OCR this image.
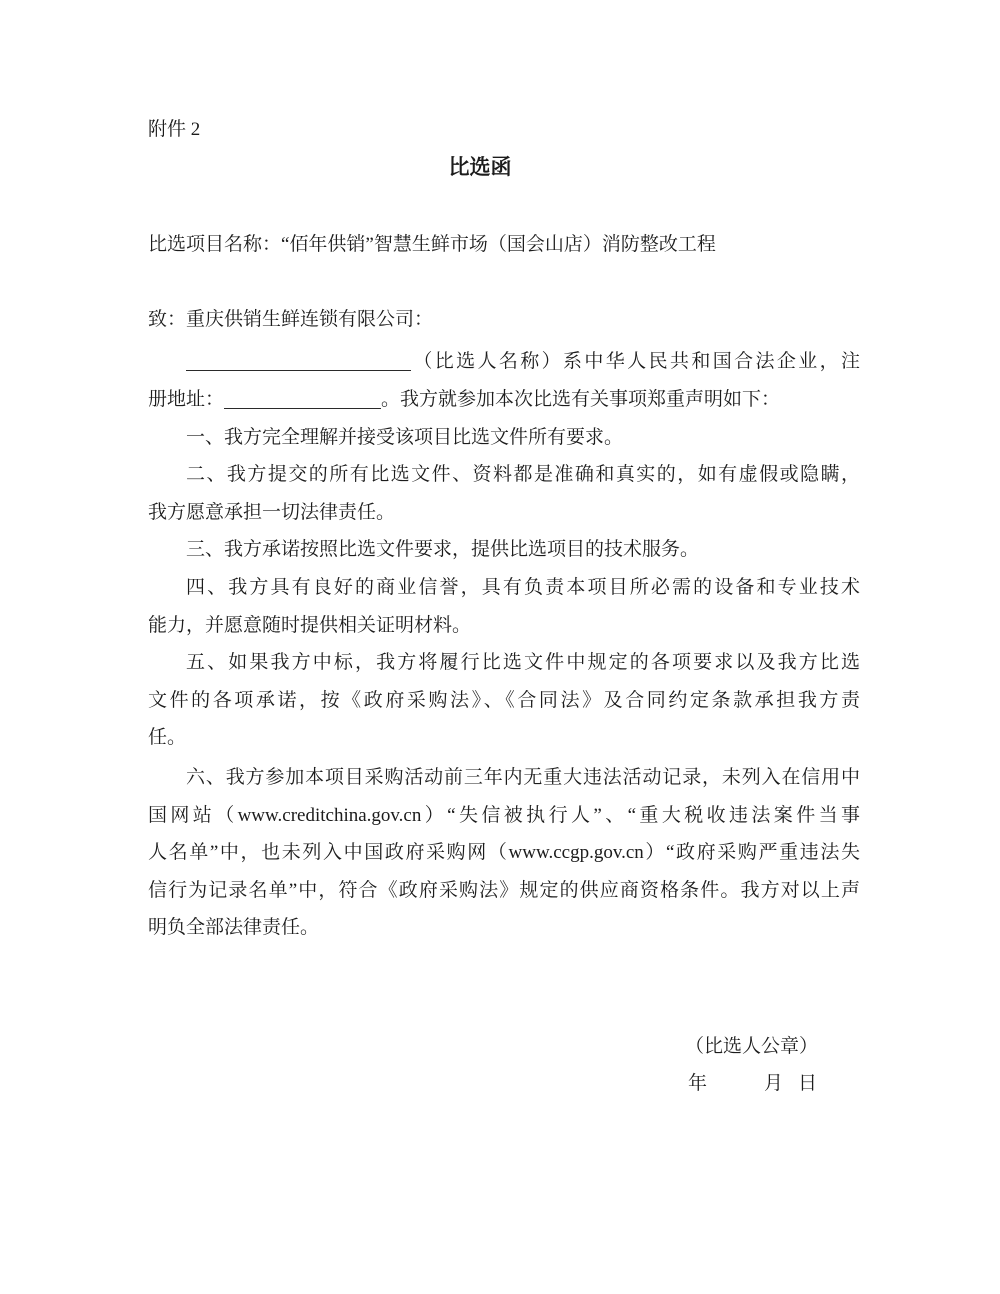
附件 2
比选函
比选项目名称：“佰年供销”智慧生鲜市场（国会山店）消防整改工程
致：重庆供销生鲜连锁有限公司：
（比选人名称）系中华人民共和国合法企业，注
册地址：	。我方就参加本次比选有关事项郑重声明如下：
一、我方完全理解并接受该项目比选文件所有要求。
二、我方提交的所有比选文件、资料都是准确和真实的，如有虚假或隐瞒，
我方愿意承担一切法律责任。
三、我方承诺按照比选文件要求，提供比选项目的技术服务。
四、我方具有良好的商业信誉，具有负责本项目所必需的设备和专业技术
能力，并愿意随时提供相关证明材料。
五、如果我方中标，我方将履行比选文件中规定的各项要求以及我方比选
文件的各项承诺，按《政府采购法》、《合同法》及合同约定条款承担我方责
任。
六、我方参加本项目采购活动前三年内无重大违法活动记录，未列入在信用中
国网站（www.creditchina.gov.cn）“失信被执行人”、“重大税收违法案件当事
人名单”中，也未列入中国政府采购网（www.ccgp.gov.cn）“政府采购严重违法失
信行为记录名单”中，符合《政府采购法》规定的供应商资格条件。我方对以上声
明负全部法律责任。
（比选人公章）
年	月 日
